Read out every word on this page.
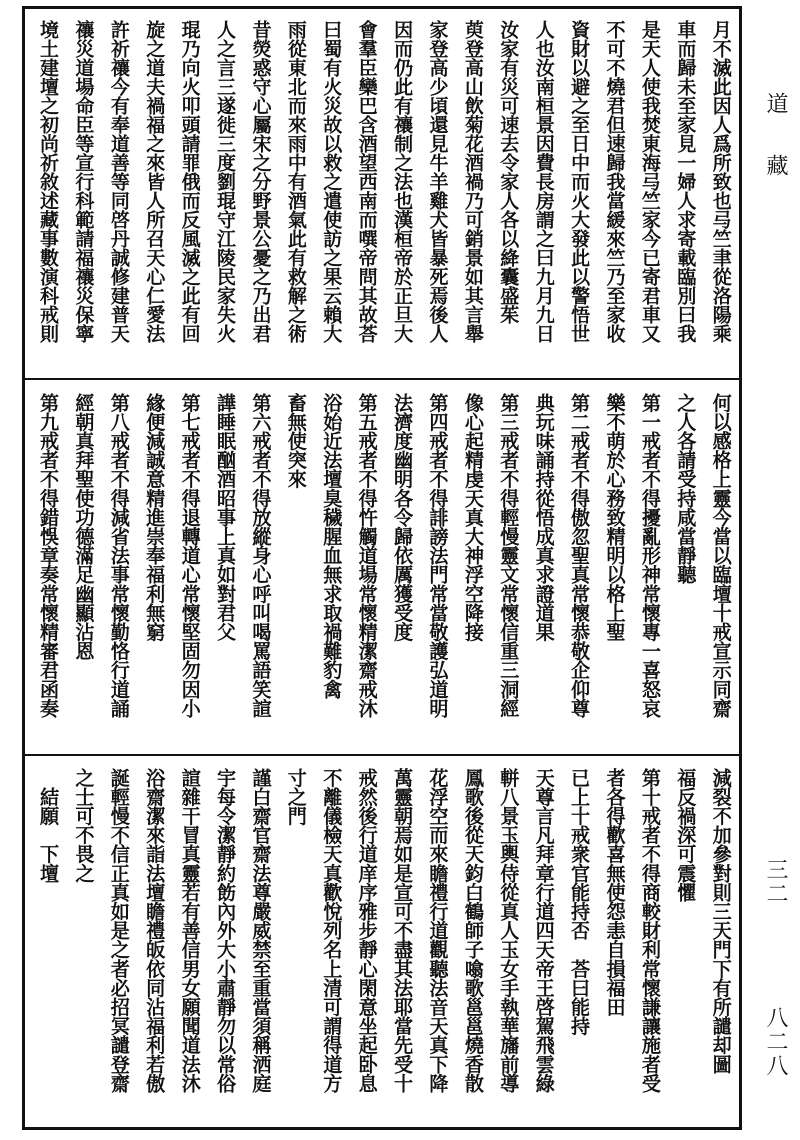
月不滅此因人爲所致也㢧竺聿從洛陽乘
車而歸未至家見一婦人求寄載臨別曰我
是天人使我焚東海㢧竺家今已寄君車又
不可不燒君但速歸我當緩來竺乃至家收
資財以避之至日中而火大發此以警悟世
人也汝南桓景因費長房謂之曰九月九日
汝家有災可速去令家人各以絳囊盛茱
萸登高山飲菊花酒禍乃可銷景如其言舉
家登高少頃還見牛羊雞犬皆暴死焉後人
因而仍此有禳制之法也漢桓帝於正旦大
會羣臣欒巴含酒望西南而噀帝問其故荅
曰蜀有火災故以救之遣使訪之果云賴大
雨從東北而來雨中有酒氣此有救解之術
昔熒惑守心屬宋之分野景公憂之乃出君
人之言三遂徙三度劉琨守江陵民家失火
琨乃向火叩頭請罪俄而反風滅之此有回
旋之道夫禍福之來皆人所召天心仁愛法
許祈禳今有奉道善等同啓丹誠修建普天
禳災道場命臣等宣行科範請福禳災保寧
境土建壇之初尚祈敘述藏事數演科戒則
何以感格上靈今當以臨壇十戒宣示同齋
之人各請受持咸當靜聽
第一戒者不得擾亂形神常懷專一喜怒哀
樂不萌於心務致精明以格上聖
第二戒者不得傲忽聖真常懷恭敬企仰尊
典玩味誦持從悟成真求證道果
第三戒者不得輕慢靈文常懷信重三洞經
像心起精虔天真大神浮空降接
第四戒者不得誹謗法門常當敬護弘道明
法濟度幽明各令歸依厲獲受度
第五戒者不得忤觸道場常懷精潔齋戒沐
浴始近法壇臭穢腥血無求取禍難豹禽
畜無使突來
第六戒者不得放縱身心呼叫喝罵語笑諠
譁睡眠酗酒昭事上真如對君父
第七戒者不得退轉道心常懷堅固勿因小
緣便減誠意精進崇奉福利無窮
第八戒者不得減省法事常懷勤恪行道誦
經朝真拜聖使功德滿足幽顯沾恩
第九戒者不得錯悞章奏常懷精審君函奏
減裂不加參對則三天門下有所譴却圖
福反禍深可震懼
第十戒者不得商較財利常懷謙讓施者受
者各得歡喜無使怨恚自損福田
已上十戒衆官能持否　荅曰能持
天尊言凡拜章行道四天帝王啓駕飛雲綠
軿八景玉輿侍從真人玉女手執華旛前導
鳳歌後從天鈞白鶴師子噏歌邕邕燒香散
花浮空而來瞻禮行道觀聽法音天真下降
萬靈朝焉如是宣可不盡其法耶當先受十
戒然後行道庠序雅步靜心閑意坐起卧息
不離儀檢天真歡悅列名上清可謂得道方
寸之門
謹白齋官齋法尊嚴威禁至重當須稱洒庭
宇每令潔靜約飭內外大小肅靜勿以常俗
諠雜干冒真靈若有善信男女願聞道法沐
浴齋潔來詣法壇瞻禮皈依同沾福利若傲
誕輕慢不信正真如是之者必招冥譴登齋
之士可不畏之
　結願　下壇
道藏
三二
八二八
